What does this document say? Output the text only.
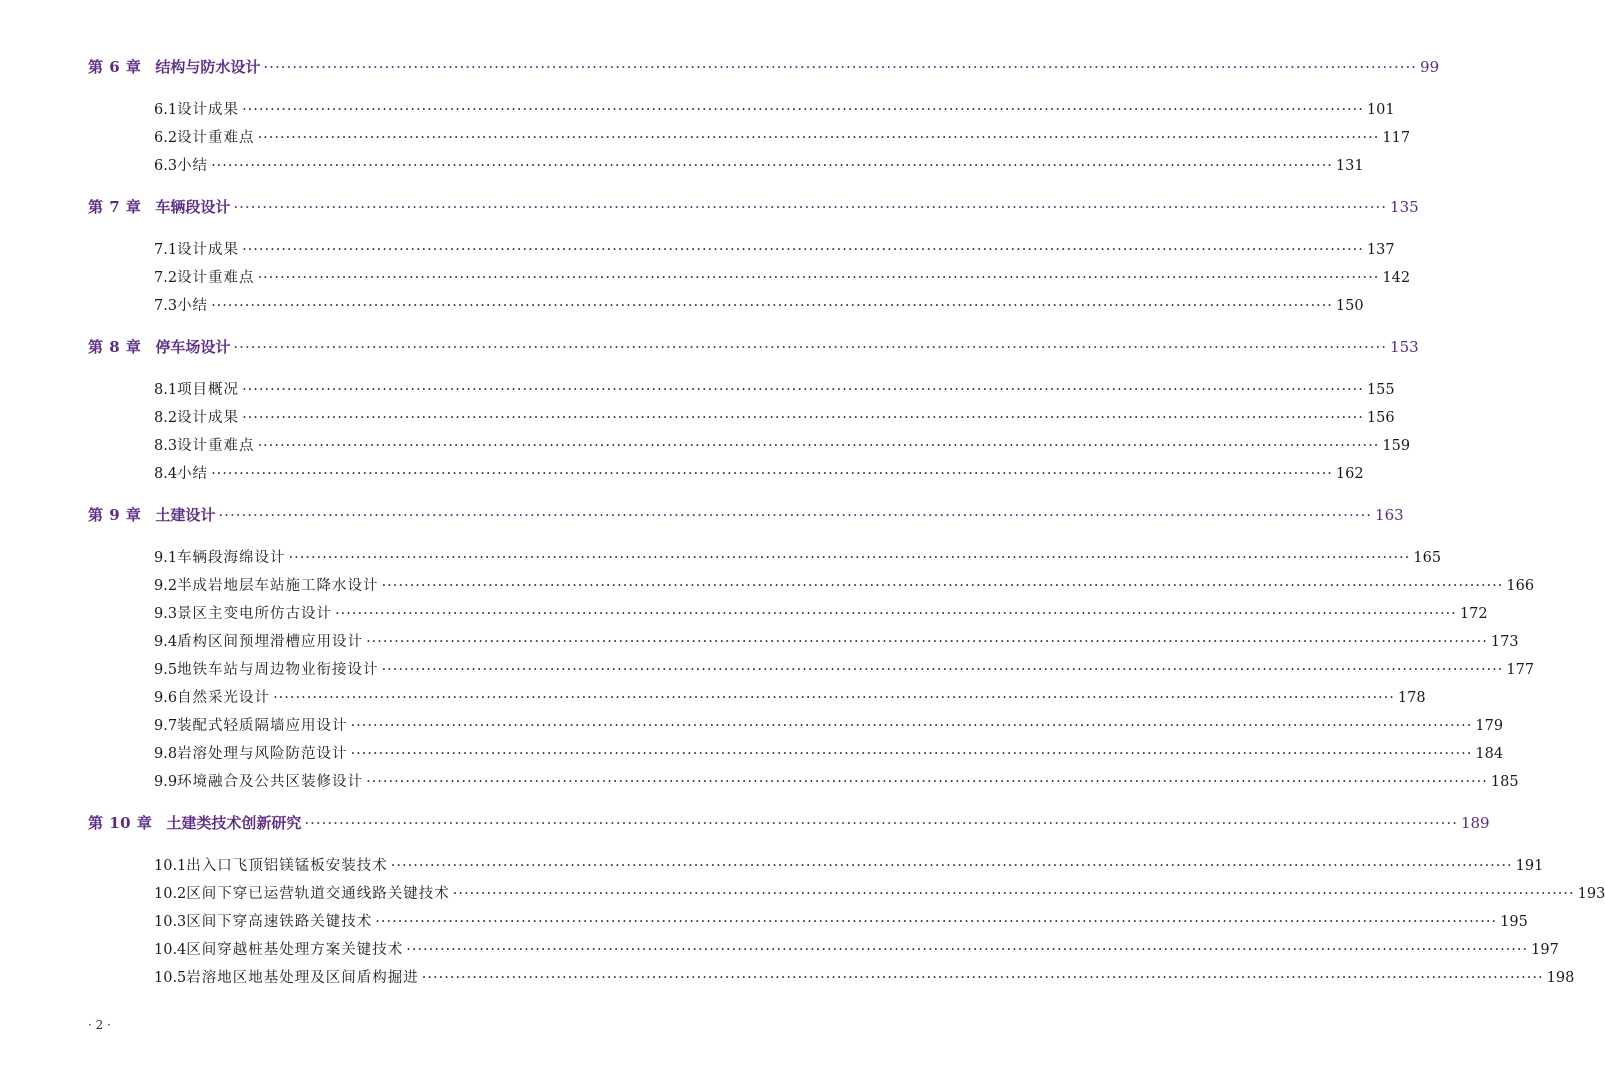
第 6 章 结构与防水设计 ········································································································································································································ 99
6.1 设计成果 ········································································································································································································ 101
6.2 设计重难点 ········································································································································································································ 117
6.3 小结 ········································································································································································································ 131
第 7 章 车辆段设计 ········································································································································································································ 135
7.1 设计成果 ········································································································································································································ 137
7.2 设计重难点 ········································································································································································································ 142
7.3 小结 ········································································································································································································ 150
第 8 章 停车场设计 ········································································································································································································ 153
8.1 项目概况 ········································································································································································································ 155
8.2 设计成果 ········································································································································································································ 156
8.3 设计重难点 ········································································································································································································ 159
8.4 小结 ········································································································································································································ 162
第 9 章 土建设计 ········································································································································································································ 163
9.1 车辆段海绵设计 ········································································································································································································ 165
9.2 半成岩地层车站施工降水设计 ········································································································································································································ 166
9.3 景区主变电所仿古设计 ········································································································································································································ 172
9.4 盾构区间预埋滑槽应用设计 ········································································································································································································ 173
9.5 地铁车站与周边物业衔接设计 ········································································································································································································ 177
9.6 自然采光设计 ········································································································································································································ 178
9.7 装配式轻质隔墙应用设计 ········································································································································································································ 179
9.8 岩溶处理与风险防范设计 ········································································································································································································ 184
9.9 环境融合及公共区装修设计 ········································································································································································································ 185
第 10 章 土建类技术创新研究 ········································································································································································································ 189
10.1 出入口飞顶铝镁锰板安装技术 ········································································································································································································ 191
10.2 区间下穿已运营轨道交通线路关键技术 ········································································································································································································ 193
10.3 区间下穿高速铁路关键技术 ········································································································································································································ 195
10.4 区间穿越桩基处理方案关键技术 ········································································································································································································ 197
10.5 岩溶地区地基处理及区间盾构掘进 ········································································································································································································ 198
· 2 ·
